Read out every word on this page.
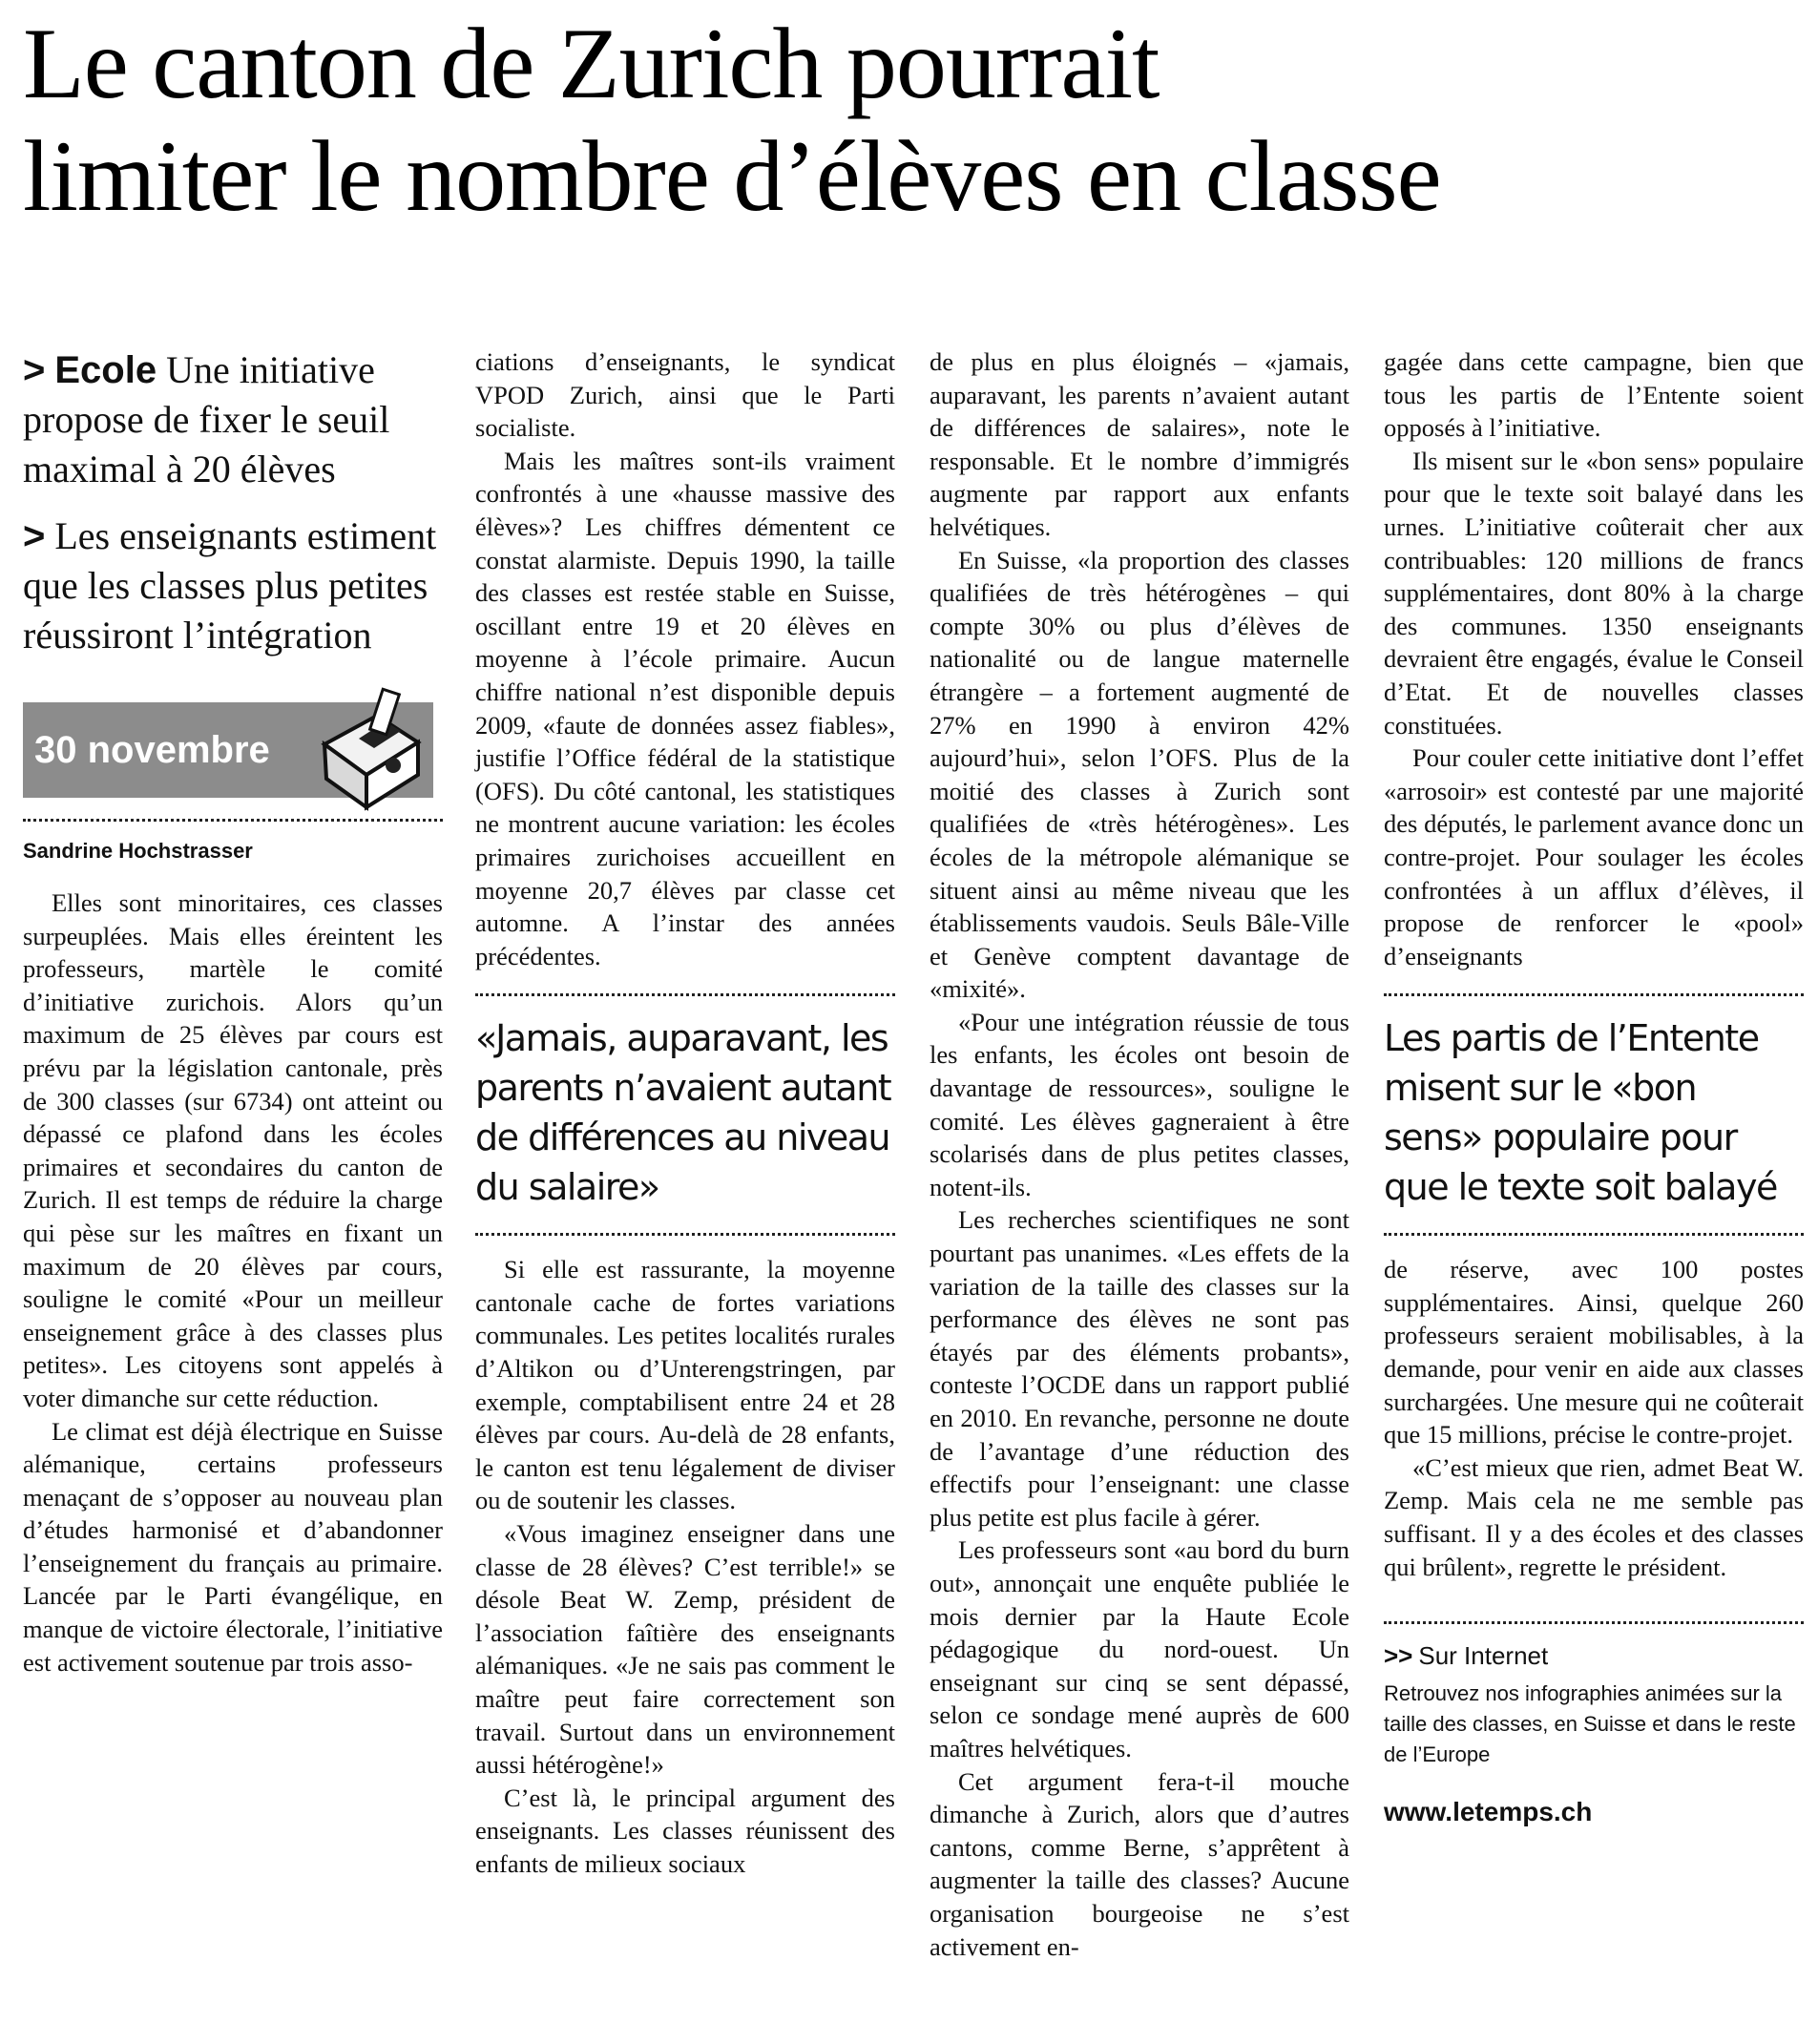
Le canton de Zurich pourrait
limiter le nombre d’élèves en classe

> Ecole Une initiative propose de fixer le seuil maximal à 20 élèves

> Les enseignants estiment que les classes plus petites réussiront l’intégration

30 novembre
Sandrine Hochstrasser

Elles sont minoritaires, ces classes surpeuplées. Mais elles éreintent les professeurs, martèle le comité d’initiative zurichois. Alors qu’un maximum de 25 élèves par cours est prévu par la législation cantonale, près de 300 classes (sur 6734) ont atteint ou dépassé ce plafond dans les écoles primaires et secondaires du canton de Zurich. Il est temps de réduire la charge qui pèse sur les maîtres en fixant un maximum de 20 élèves par cours, souligne le comité «Pour un meilleur enseignement grâce à des classes plus petites». Les citoyens sont appelés à voter dimanche sur cette réduction.

Le climat est déjà électrique en Suisse alémanique, certains professeurs menaçant de s’opposer au nouveau plan d’études harmonisé et d’abandonner l’enseignement du français au primaire. Lancée par le Parti évangélique, en manque de victoire électorale, l’initiative est activement soutenue par trois asso-

ciations d’enseignants, le syndicat VPOD Zurich, ainsi que le Parti socialiste.

Mais les maîtres sont-ils vraiment confrontés à une «hausse massive des élèves»? Les chiffres démentent ce constat alarmiste. Depuis 1990, la taille des classes est restée stable en Suisse, oscillant entre 19 et 20 élèves en moyenne à l’école primaire. Aucun chiffre national n’est disponible depuis 2009, «faute de données assez fiables», justifie l’Office fédéral de la statistique (OFS). Du côté cantonal, les statistiques ne montrent aucune variation: les écoles primaires zurichoises accueillent en moyenne 20,7 élèves par classe cet automne. A l’instar des années précédentes.

«Jamais, auparavant, les parents n’avaient autant de différences au niveau du salaire»

Si elle est rassurante, la moyenne cantonale cache de fortes variations communales. Les petites localités rurales d’Altikon ou d’Unterengstringen, par exemple, comptabilisent entre 24 et 28 élèves par cours. Au-delà de 28 enfants, le canton est tenu légalement de diviser ou de soutenir les classes.

«Vous imaginez enseigner dans une classe de 28 élèves? C’est terrible!» se désole Beat W. Zemp, président de l’association faîtière des enseignants alémaniques. «Je ne sais pas comment le maître peut faire correctement son travail. Surtout dans un environnement aussi hétérogène!»

C’est là, le principal argument des enseignants. Les classes réunissent des enfants de milieux sociaux

de plus en plus éloignés – «jamais, auparavant, les parents n’avaient autant de différences de salaires», note le responsable. Et le nombre d’immigrés augmente par rapport aux enfants helvétiques.

En Suisse, «la proportion des classes qualifiées de très hétérogènes – qui compte 30% ou plus d’élèves de nationalité ou de langue maternelle étrangère – a fortement augmenté de 27% en 1990 à environ 42% aujourd’hui», selon l’OFS. Plus de la moitié des classes à Zurich sont qualifiées de «très hétérogènes». Les écoles de la métropole alémanique se situent ainsi au même niveau que les établissements vaudois. Seuls Bâle-Ville et Genève comptent davantage de «mixité».

«Pour une intégration réussie de tous les enfants, les écoles ont besoin de davantage de ressources», souligne le comité. Les élèves gagneraient à être scolarisés dans de plus petites classes, notent-ils.

Les recherches scientifiques ne sont pourtant pas unanimes. «Les effets de la variation de la taille des classes sur la performance des élèves ne sont pas étayés par des éléments probants», conteste l’OCDE dans un rapport publié en 2010. En revanche, personne ne doute de l’avantage d’une réduction des effectifs pour l’enseignant: une classe plus petite est plus facile à gérer.

Les professeurs sont «au bord du burn out», annonçait une enquête publiée le mois dernier par la Haute Ecole pédagogique du nord-ouest. Un enseignant sur cinq se sent dépassé, selon ce sondage mené auprès de 600 maîtres helvétiques.

Cet argument fera-t-il mouche dimanche à Zurich, alors que d’autres cantons, comme Berne, s’apprêtent à augmenter la taille des classes? Aucune organisation bourgeoise ne s’est activement en-

gagée dans cette campagne, bien que tous les partis de l’Entente soient opposés à l’initiative.

Ils misent sur le «bon sens» populaire pour que le texte soit balayé dans les urnes. L’initiative coûterait cher aux contribuables: 120 millions de francs supplémentaires, dont 80% à la charge des communes. 1350 enseignants devraient être engagés, évalue le Conseil d’Etat. Et de nouvelles classes constituées.

Pour couler cette initiative dont l’effet «arrosoir» est contesté par une majorité des députés, le parlement avance donc un contre-projet. Pour soulager les écoles confrontées à un afflux d’élèves, il propose de renforcer le «pool» d’enseignants

Les partis de l’Entente misent sur le «bon sens» populaire pour que le texte soit balayé

de réserve, avec 100 postes supplémentaires. Ainsi, quelque 260 professeurs seraient mobilisables, à la demande, pour venir en aide aux classes surchargées. Une mesure qui ne coûterait que 15 millions, précise le contre-projet.

«C’est mieux que rien, admet Beat W. Zemp. Mais cela ne me semble pas suffisant. Il y a des écoles et des classes qui brûlent», regrette le président.

>> Sur Internet
Retrouvez nos infographies animées sur la taille des classes, en Suisse et dans le reste de l’Europe
www.letemps.ch
